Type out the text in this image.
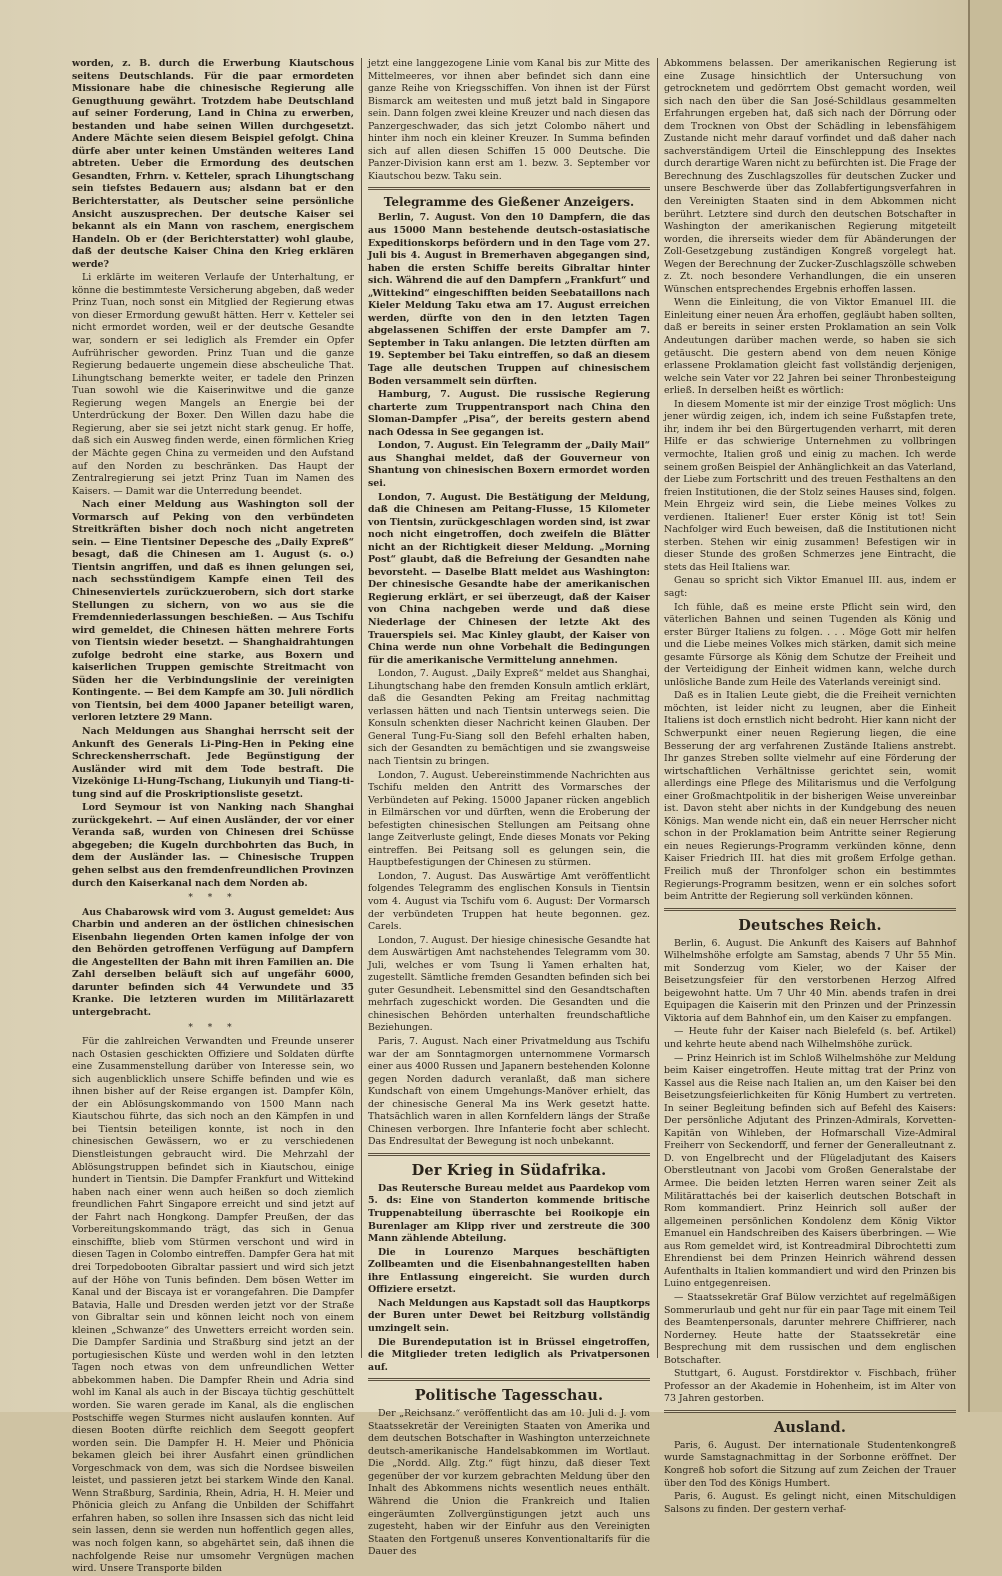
worden, z. B. durch die Erwerbung Kiautschous seitens Deutschlands. Für die paar ermordeten Missionare habe die chinesische Regierung alle Genugthuung gewährt. Trotzdem habe Deutschland auf seiner Forderung, Land in China zu erwerben, bestanden und habe seinen Willen durchgesetzt. Andere Mächte seien diesem Beispiel gefolgt. China dürfe aber unter keinen Umständen weiteres Land abtreten. Ueber die Ermordung des deutschen Gesandten, Frhrn. v. Ketteler, sprach Lihungtschang sein tiefstes Bedauern aus; alsdann bat er den Berichterstatter, als Deutscher seine persönliche Ansicht auszusprechen. Der deutsche Kaiser sei bekannt als ein Mann von raschem, energischem Handeln. Ob er (der Berichterstatter) wohl glaube, daß der deutsche Kaiser China den Krieg erklären werde?

Li erklärte im weiteren Verlaufe der Unterhaltung, er könne die bestimmteste Versicherung abgeben, daß weder Prinz Tuan, noch sonst ein Mitglied der Regierung etwas von dieser Ermordung gewußt hätten. Herr v. Ketteler sei nicht ermordet worden, weil er der deutsche Gesandte war, sondern er sei lediglich als Fremder ein Opfer Aufrührischer geworden. Prinz Tuan und die ganze Regierung bedauerte ungemein diese abscheuliche That. Lihungtschang bemerkte weiter, er tadele den Prinzen Tuan sowohl wie die Kaiserinwitwe und die ganze Regierung wegen Mangels an Energie bei der Unterdrückung der Boxer. Den Willen dazu habe die Regierung, aber sie sei jetzt nicht stark genug. Er hoffe, daß sich ein Ausweg finden werde, einen förmlichen Krieg der Mächte gegen China zu vermeiden und den Aufstand auf den Norden zu beschränken. Das Haupt der Zentralregierung sei jetzt Prinz Tuan im Namen des Kaisers. — Damit war die Unterredung beendet.

Nach einer Meldung aus Washington soll der Vormarsch auf Peking von den verbündeten Streitkräften bisher doch noch nicht angetreten sein. — Eine Tientsiner Depesche des „Daily Expreß“ besagt, daß die Chinesen am 1. August (s. o.) Tientsin angriffen, und daß es ihnen gelungen sei, nach sechsstündigem Kampfe einen Teil des Chinesenviertels zurückzuerobern, sich dort starke Stellungen zu sichern, von wo aus sie die Fremdenniederlassungen beschießen. — Aus Tschifu wird gemeldet, die Chinesen hätten mehrere Forts von Tientsin wieder besetzt. — Shanghaidrahtungen zufolge bedroht eine starke, aus Boxern und kaiserlichen Truppen gemischte Streitmacht von Süden her die Verbindungslinie der vereinigten Kontingente. — Bei dem Kampfe am 30. Juli nördlich von Tientsin, bei dem 4000 Japaner beteiligt waren, verloren letztere 29 Mann.

Nach Meldungen aus Shanghai herrscht seit der Ankunft des Generals Li-Ping-Hen in Peking eine Schreckensherrschaft. Jede Begünstigung der Ausländer wird mit dem Tode bestraft. Die Vizekönige Li-Hung-Tschang, Liukunyih und Tiang-ti-tung sind auf die Proskriptionsliste gesetzt.

Lord Seymour ist von Nanking nach Shanghai zurückgekehrt. — Auf einen Ausländer, der vor einer Veranda saß, wurden von Chinesen drei Schüsse abgegeben; die Kugeln durchbohrten das Buch, in dem der Ausländer las. — Chinesische Truppen gehen selbst aus den fremdenfreundlichen Provinzen durch den Kaiserkanal nach dem Norden ab.

* * *

Aus Chabarowsk wird vom 3. August gemeldet: Aus Charbin und anderen an der östlichen chinesischen Eisenbahn liegenden Orten kamen infolge der von den Behörden getroffenen Verfügung auf Dampfern die Angestellten der Bahn mit ihren Familien an. Die Zahl derselben beläuft sich auf ungefähr 6000, darunter befinden sich 44 Verwundete und 35 Kranke. Die letzteren wurden im Militärlazarett untergebracht.

* * *

Für die zahlreichen Verwandten und Freunde unserer nach Ostasien geschickten Offiziere und Soldaten dürfte eine Zusammenstellung darüber von Interesse sein, wo sich augenblicklich unsere Schiffe befinden und wie es ihnen bisher auf der Reise ergangen ist. Dampfer Köln, der ein Ablösungskommando von 1500 Mann nach Kiautschou führte, das sich noch an den Kämpfen in und bei Tientsin beteiligen konnte, ist noch in den chinesischen Gewässern, wo er zu verschiedenen Dienstleistungen gebraucht wird. Die Mehrzahl der Ablösungstruppen befindet sich in Kiautschou, einige hundert in Tientsin. Die Dampfer Frankfurt und Wittekind haben nach einer wenn auch heißen so doch ziemlich freundlichen Fahrt Singapore erreicht und sind jetzt auf der Fahrt nach Hongkong. Dampfer Preußen, der das Vorbereitungskommando trägt, das sich in Genua einschiffte, blieb vom Stürmen verschont und wird in diesen Tagen in Colombo eintreffen. Dampfer Gera hat mit drei Torpedobooten Gibraltar passiert und wird sich jetzt auf der Höhe von Tunis befinden. Dem bösen Wetter im Kanal und der Biscaya ist er vorangefahren. Die Dampfer Batavia, Halle und Dresden werden jetzt vor der Straße von Gibraltar sein und können leicht noch von einem kleinen „Schwanze“ des Unwetters erreicht worden sein. Die Dampfer Sardinia und Straßburg sind jetzt an der portugiesischen Küste und werden wohl in den letzten Tagen noch etwas von dem unfreundlichen Wetter abbekommen haben. Die Dampfer Rhein und Adria sind wohl im Kanal als auch in der Biscaya tüchtig geschüttelt worden. Sie waren gerade im Kanal, als die englischen Postschiffe wegen Sturmes nicht auslaufen konnten. Auf diesen Booten dürfte reichlich dem Seegott geopfert worden sein. Die Dampfer H. H. Meier und Phönicia bekamen gleich bei ihrer Ausfahrt einen gründlichen Vorgeschmack von dem, was sich die Nordsee bisweilen leistet, und passieren jetzt bei starkem Winde den Kanal. Wenn Straßburg, Sardinia, Rhein, Adria, H. H. Meier und Phönicia gleich zu Anfang die Unbilden der Schiffahrt erfahren haben, so sollen ihre Insassen sich das nicht leid sein lassen, denn sie werden nun hoffentlich gegen alles, was noch folgen kann, so abgehärtet sein, daß ihnen die nachfolgende Reise nur umsomehr Vergnügen machen wird. Unsere Transporte bilden

jetzt eine langgezogene Linie vom Kanal bis zur Mitte des Mittelmeeres, vor ihnen aber befindet sich dann eine ganze Reihe von Kriegsschiffen. Von ihnen ist der Fürst Bismarck am weitesten und muß jetzt bald in Singapore sein. Dann folgen zwei kleine Kreuzer und nach diesen das Panzergeschwader, das sich jetzt Colombo nähert und hinter ihm noch ein kleiner Kreuzer. In Summa befinden sich auf allen diesen Schiffen 15 000 Deutsche. Die Panzer-Division kann erst am 1. bezw. 3. September vor Kiautschou bezw. Taku sein.

Telegramme des Gießener Anzeigers.

Berlin, 7. August. Von den 10 Dampfern, die das aus 15000 Mann bestehende deutsch-ostasiatische Expeditionskorps befördern und in den Tage vom 27. Juli bis 4. August in Bremerhaven abgegangen sind, haben die ersten Schiffe bereits Gibraltar hinter sich. Während die auf den Dampfern „Frankfurt“ und „Wittekind“ eingeschifften beiden Seebataillons nach Kieler Meldung Taku etwa am 17. August erreichen werden, dürfte von den in den letzten Tagen abgelassenen Schiffen der erste Dampfer am 7. September in Taku anlangen. Die letzten dürften am 19. September bei Taku eintreffen, so daß an diesem Tage alle deutschen Truppen auf chinesischem Boden versammelt sein dürften.

Hamburg, 7. August. Die russische Regierung charterte zum Truppentransport nach China den Sloman-Dampfer „Pisa“, der bereits gestern abend nach Odessa in See gegangen ist.

London, 7. August. Ein Telegramm der „Daily Mail“ aus Shanghai meldet, daß der Gouverneur von Shantung von chinesischen Boxern ermordet worden sei.

London, 7. August. Die Bestätigung der Meldung, daß die Chinesen am Peitang-Flusse, 15 Kilometer von Tientsin, zurückgeschlagen worden sind, ist zwar noch nicht eingetroffen, doch zweifeln die Blätter nicht an der Richtigkeit dieser Meldung. „Morning Post“ glaubt, daß die Befreiung der Gesandten nahe bevorsteht. — Daselbe Blatt meldet aus Washington: Der chinesische Gesandte habe der amerikanischen Regierung erklärt, er sei überzeugt, daß der Kaiser von China nachgeben werde und daß diese Niederlage der Chinesen der letzte Akt des Trauerspiels sei. Mac Kinley glaubt, der Kaiser von China werde nun ohne Vorbehalt die Bedingungen für die amerikanische Vermittelung annehmen.

London, 7. August. „Daily Expreß“ meldet aus Shanghai, Lihungtschang habe den fremden Konsuln amtlich erklärt, daß die Gesandten Peking am Freitag nachmittag verlassen hätten und nach Tientsin unterwegs seien. Die Konsuln schenkten dieser Nachricht keinen Glauben. Der General Tung-Fu-Siang soll den Befehl erhalten haben, sich der Gesandten zu bemächtigen und sie zwangsweise nach Tientsin zu bringen.

London, 7. August. Uebereinstimmende Nachrichten aus Tschifu melden den Antritt des Vormarsches der Verbündeten auf Peking. 15000 Japaner rücken angeblich in Eilmärschen vor und dürften, wenn die Eroberung der befestigten chinesischen Stellungen am Peitsang ohne lange Zeitverluste gelingt, Ende dieses Monats vor Peking eintreffen. Bei Peitsang soll es gelungen sein, die Hauptbefestigungen der Chinesen zu stürmen.

London, 7. August. Das Auswärtige Amt veröffentlicht folgendes Telegramm des englischen Konsuls in Tientsin vom 4. August via Tschifu vom 6. August: Der Vormarsch der verbündeten Truppen hat heute begonnen. gez. Carels.

London, 7. August. Der hiesige chinesische Gesandte hat dem Auswärtigen Amt nachstehendes Telegramm vom 30. Juli, welches er vom Tsung li Yamen erhalten hat, zugestellt. Sämtliche fremden Gesandten befinden sich bei guter Gesundheit. Lebensmittel sind den Gesandtschaften mehrfach zugeschickt worden. Die Gesandten und die chinesischen Behörden unterhalten freundschaftliche Beziehungen.

Paris, 7. August. Nach einer Privatmeldung aus Tschifu war der am Sonntagmorgen unternommene Vormarsch einer aus 4000 Russen und Japanern bestehenden Kolonne gegen Norden dadurch veranlaßt, daß man sichere Kundschaft von einem Umgehungs-Manöver erhielt, das der chinesische General Ma ins Werk gesetzt hatte. Thatsächlich waren in allen Kornfeldern längs der Straße Chinesen verborgen. Ihre Infanterie focht aber schlecht. Das Endresultat der Bewegung ist noch unbekannt.

Der Krieg in Südafrika.

Das Reutersche Bureau meldet aus Paardekop vom 5. ds: Eine von Standerton kommende britische Truppenabteilung überraschte bei Rooikopje ein Burenlager am Klipp river und zerstreute die 300 Mann zählende Abteilung.

Die in Lourenzo Marques beschäftigten Zollbeamten und die Eisenbahnangestellten haben ihre Entlassung eingereicht. Sie wurden durch Offiziere ersetzt.

Nach Meldungen aus Kapstadt soll das Hauptkorps der Buren unter Dewet bei Reitzburg vollständig umzingelt sein.

Die Burendeputation ist in Brüssel eingetroffen, die Mitglieder treten lediglich als Privatpersonen auf.

Politische Tagesschau.

Der „Reichsanz.“ veröffentlicht das am 10. Juli d. J. vom Staatssekretär der Vereinigten Staaten von Amerika und dem deutschen Botschafter in Washington unterzeichnete deutsch-amerikanische Handelsabkommen im Wortlaut. Die „Nordd. Allg. Ztg.“ fügt hinzu, daß dieser Text gegenüber der vor kurzem gebrachten Meldung über den Inhalt des Abkommens nichts wesentlich neues enthält. Während die Union die Frankreich und Italien eingeräumten Zollvergünstigungen jetzt auch uns zugesteht, haben wir der Einfuhr aus den Vereinigten Staaten den Fortgenuß unseres Konventionaltarifs für die Dauer des

Abkommens belassen. Der amerikanischen Regierung ist eine Zusage hinsichtlich der Untersuchung von getrocknetem und gedörrtem Obst gemacht worden, weil sich nach den über die San José-Schildlaus gesammelten Erfahrungen ergeben hat, daß sich nach der Dörrung oder dem Trocknen von Obst der Schädling in lebensfähigem Zustande nicht mehr darauf vorfindet und daß daher nach sachverständigem Urteil die Einschleppung des Insektes durch derartige Waren nicht zu befürchten ist. Die Frage der Berechnung des Zuschlagszolles für deutschen Zucker und unsere Beschwerde über das Zollabfertigungsverfahren in den Vereinigten Staaten sind in dem Abkommen nicht berührt. Letztere sind durch den deutschen Botschafter in Washington der amerikanischen Regierung mitgeteilt worden, die ihrerseits wieder dem für Abänderungen der Zoll-Gesetzgebung zuständigen Kongreß vorgelegt hat. Wegen der Berechnung der Zucker-Zuschlagszölle schweben z. Zt. noch besondere Verhandlungen, die ein unseren Wünschen entsprechendes Ergebnis erhoffen lassen.

Wenn die Einleitung, die von Viktor Emanuel III. die Einleitung einer neuen Ära erhoffen, gegläubt haben sollten, daß er bereits in seiner ersten Proklamation an sein Volk Andeutungen darüber machen werde, so haben sie sich getäuscht. Die gestern abend von dem neuen Könige erlassene Proklamation gleicht fast vollständig derjenigen, welche sein Vater vor 22 Jahren bei seiner Thronbesteigung erließ. In derselben heißt es wörtlich:

In diesem Momente ist mir der einzige Trost möglich: Uns jener würdig zeigen, ich, indem ich seine Fußstapfen trete, ihr, indem ihr bei den Bürgertugenden verharrt, mit deren Hilfe er das schwierige Unternehmen zu vollbringen vermochte, Italien groß und einig zu machen. Ich werde seinem großen Beispiel der Anhänglichkeit an das Vaterland, der Liebe zum Fortschritt und des treuen Festhaltens an den freien Institutionen, die der Stolz seines Hauses sind, folgen. Mein Ehrgeiz wird sein, die Liebe meines Volkes zu verdienen. Italiener! Euer erster König ist tot! Sein Nachfolger wird Euch beweisen, daß die Institutionen nicht sterben. Stehen wir einig zusammen! Befestigen wir in dieser Stunde des großen Schmerzes jene Eintracht, die stets das Heil Italiens war.

Genau so spricht sich Viktor Emanuel III. aus, indem er sagt:

Ich fühle, daß es meine erste Pflicht sein wird, den väterlichen Bahnen und seinen Tugenden als König und erster Bürger Italiens zu folgen. . . . Möge Gott mir helfen und die Liebe meines Volkes mich stärken, damit sich meine gesamte Fürsorge als König dem Schutze der Freiheit und der Verteidigung der Einheit widmen kann, welche durch unlösliche Bande zum Heile des Vaterlands vereinigt sind.

Daß es in Italien Leute giebt, die die Freiheit vernichten möchten, ist leider nicht zu leugnen, aber die Einheit Italiens ist doch ernstlich nicht bedroht. Hier kann nicht der Schwerpunkt einer neuen Regierung liegen, die eine Besserung der arg verfahrenen Zustände Italiens anstrebt. Ihr ganzes Streben sollte vielmehr auf eine Förderung der wirtschaftlichen Verhältnisse gerichtet sein, womit allerdings eine Pflege des Militarismus und die Verfolgung einer Großmachtpolitik in der bisherigen Weise unvereinbar ist. Davon steht aber nichts in der Kundgebung des neuen Königs. Man wende nicht ein, daß ein neuer Herrscher nicht schon in der Proklamation beim Antritte seiner Regierung ein neues Regierungs-Programm verkünden könne, denn Kaiser Friedrich III. hat dies mit großem Erfolge gethan. Freilich muß der Thronfolger schon ein bestimmtes Regierungs-Programm besitzen, wenn er ein solches sofort beim Antritte der Regierung soll verkünden können.

Deutsches Reich.

Berlin, 6. August. Die Ankunft des Kaisers auf Bahnhof Wilhelmshöhe erfolgte am Samstag, abends 7 Uhr 55 Min. mit Sonderzug vom Kieler, wo der Kaiser der Beisetzungsfeier für den verstorbenen Herzog Alfred beigewohnt hatte. Um 7 Uhr 40 Min. abends trafen in drei Equipagen die Kaiserin mit den Prinzen und der Prinzessin Viktoria auf dem Bahnhof ein, um den Kaiser zu empfangen.

— Heute fuhr der Kaiser nach Bielefeld (s. bef. Artikel) und kehrte heute abend nach Wilhelmshöhe zurück.

— Prinz Heinrich ist im Schloß Wilhelmshöhe zur Meldung beim Kaiser eingetroffen. Heute mittag trat der Prinz von Kassel aus die Reise nach Italien an, um den Kaiser bei den Beisetzungsfeierlichkeiten für König Humbert zu vertreten. In seiner Begleitung befinden sich auf Befehl des Kaisers: Der persönliche Adjutant des Prinzen-Admirals, Korvetten-Kapitän von Wihleben, der Hofmarschall Vize-Admiral Freiherr von Seckendorff, und ferner der Generalleutnant z. D. von Engelbrecht und der Flügeladjutant des Kaisers Oberstleutnant von Jacobi vom Großen Generalstabe der Armee. Die beiden letzten Herren waren seiner Zeit als Militärattachés bei der kaiserlich deutschen Botschaft in Rom kommandiert. Prinz Heinrich soll außer der allgemeinen persönlichen Kondolenz dem König Viktor Emanuel ein Handschreiben des Kaisers überbringen. — Wie aus Rom gemeldet wird, ist Kontreadmiral Dibrochtetti zum Ehrendienst bei dem Prinzen Heinrich während dessen Aufenthalts in Italien kommandiert und wird den Prinzen bis Luino entgegenreisen.

— Staatssekretär Graf Bülow verzichtet auf regelmäßigen Sommerurlaub und geht nur für ein paar Tage mit einem Teil des Beamtenpersonals, darunter mehrere Chiffrierer, nach Norderney. Heute hatte der Staatssekretär eine Besprechung mit dem russischen und dem englischen Botschafter.

Stuttgart, 6. August. Forstdirektor v. Fischbach, früher Professor an der Akademie in Hohenheim, ist im Alter von 73 Jahren gestorben.

Ausland.

Paris, 6. August. Der internationale Studentenkongreß wurde Samstagnachmittag in der Sorbonne eröffnet. Der Kongreß hob sofort die Sitzung auf zum Zeichen der Trauer über den Tod des Königs Humbert.

Paris, 6. August. Es gelingt nicht, einen Mitschuldigen Salsons zu finden. Der gestern verhaf-
